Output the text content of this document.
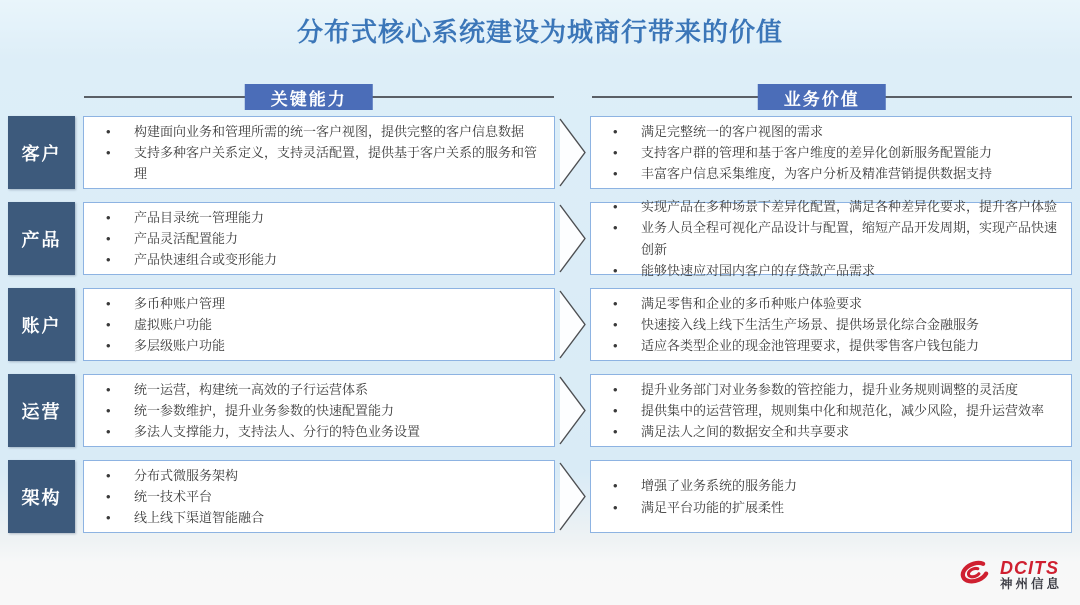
分布式核心系统建设为城商行带来的价值
关键能力	业务价值
客户
• 构建面向业务和管理所需的统一客户视图，提供完整的客户信息数据
• 支持多种客户关系定义，支持灵活配置，提供基于客户关系的服务和管理
• 满足完整统一的客户视图的需求
• 支持客户群的管理和基于客户维度的差异化创新服务配置能力
• 丰富客户信息采集维度，为客户分析及精准营销提供数据支持
产品
• 产品目录统一管理能力
• 产品灵活配置能力
• 产品快速组合或变形能力
• 实现产品在多种场景下差异化配置，满足各种差异化要求，提升客户体验
• 业务人员全程可视化产品设计与配置，缩短产品开发周期，实现产品快速创新
• 能够快速应对国内客户的存贷款产品需求
账户
• 多币种账户管理
• 虚拟账户功能
• 多层级账户功能
• 满足零售和企业的多币种账户体验要求
• 快速接入线上线下生活生产场景、提供场景化综合金融服务
• 适应各类型企业的现金池管理要求，提供零售客户钱包能力
运营
• 统一运营，构建统一高效的子行运营体系
• 统一参数维护，提升业务参数的快速配置能力
• 多法人支撑能力，支持法人、分行的特色业务设置
• 提升业务部门对业务参数的管控能力，提升业务规则调整的灵活度
• 提供集中的运营管理，规则集中化和规范化，减少风险，提升运营效率
• 满足法人之间的数据安全和共享要求
架构
• 分布式微服务架构
• 统一技术平台
• 线上线下渠道智能融合
• 增强了业务系统的服务能力
• 满足平台功能的扩展柔性
DCITS
神州信息
